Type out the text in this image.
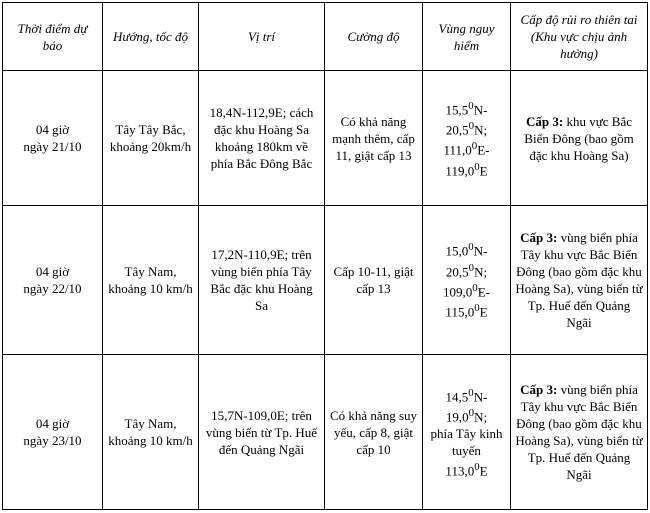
Thời điểm dự báo	Hướng, tốc độ	Vị trí	Cường độ	Vùng nguy hiểm	Cấp độ rủi ro thiên tai (Khu vực chịu ảnh hưởng)
04 giờ
ngày 21/10	Tây Tây Bắc, khoảng 20km/h	18,4N-112,9E; cách đặc khu Hoàng Sa khoảng 180km về phía Bắc Đông Bắc	Có khả năng mạnh thêm, cấp 11, giật cấp 13	15,5$^0$N-
20,5$^0$N;
111,0$^0$E-
119,0$^0$E	Cấp 3: khu vực Bắc Biển Đông (bao gồm đặc khu Hoàng Sa)
04 giờ
ngày 22/10	Tây Nam, khoảng 10 km/h	17,2N-110,9E; trên vùng biển phía Tây Bắc đặc khu Hoàng Sa	Cấp 10-11, giật cấp 13	15,0$^0$N-
20,5$^0$N;
109,0$^0$E-
115,0$^0$E	Cấp 3: vùng biển phía Tây khu vực Bắc Biển Đông (bao gồm đặc khu Hoàng Sa), vùng biển từ Tp. Huế đến Quảng Ngãi
04 giờ
ngày 23/10	Tây Nam, khoảng 10 km/h	15,7N-109,0E; trên vùng biển từ Tp. Huế đến Quảng Ngãi	Có khả năng suy yếu, cấp 8, giật cấp 10	14,5$^0$N-
19,0$^0$N;
phía Tây kinh tuyến
113,0$^0$E	Cấp 3: vùng biển phía Tây khu vực Bắc Biển Đông (bao gồm đặc khu Hoàng Sa), vùng biển từ Tp. Huế đến Quảng Ngãi
